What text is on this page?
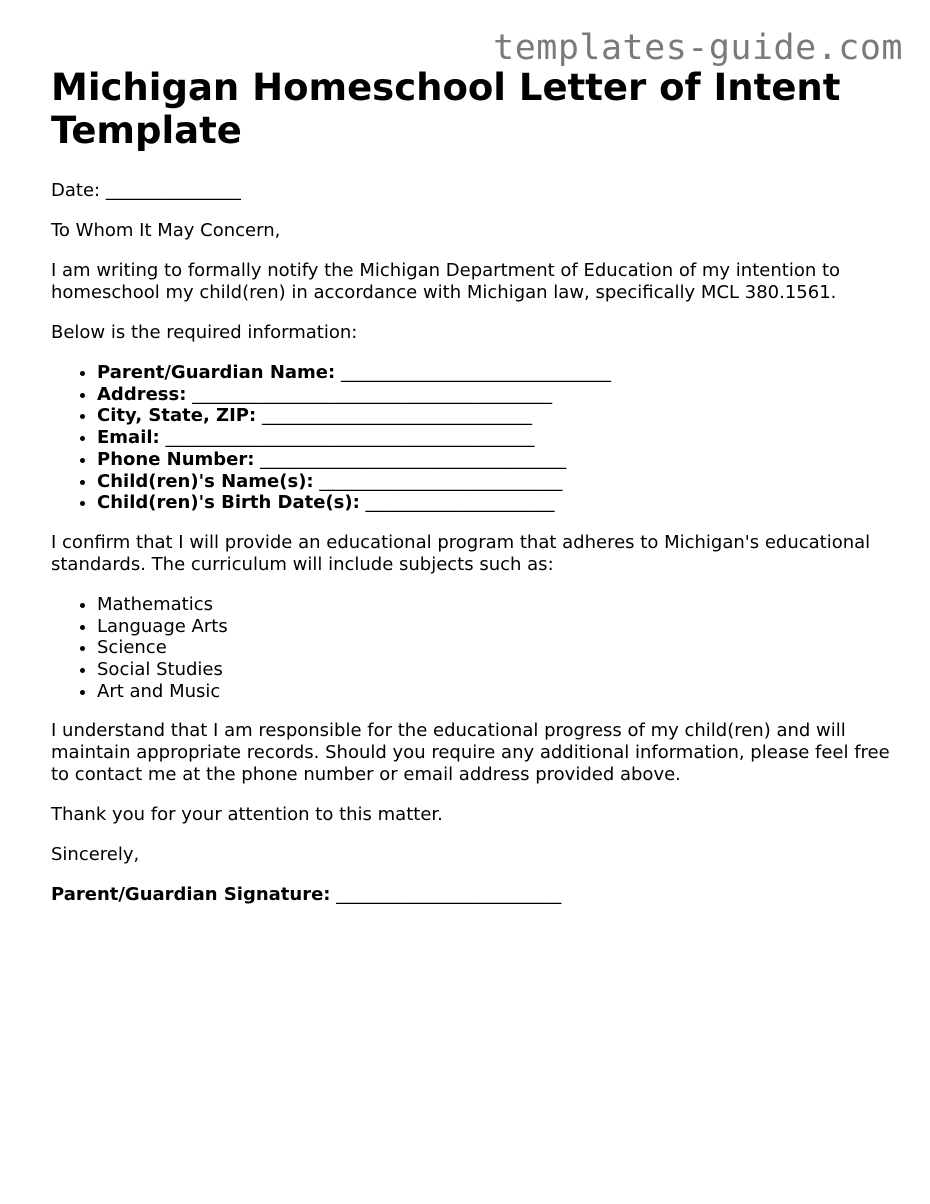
templates-guide.com
Michigan Homeschool Letter of Intent Template

Date: _______________

To Whom It May Concern,

I am writing to formally notify the Michigan Department of Education of my intention to homeschool my child(ren) in accordance with Michigan law, specifically MCL 380.1561.

Below is the required information:

• Parent/Guardian Name: ______________________________
• Address: ________________________________________
• City, State, ZIP: ______________________________
• Email: _________________________________________
• Phone Number: __________________________________
• Child(ren)'s Name(s): ___________________________
• Child(ren)'s Birth Date(s): _____________________

I confirm that I will provide an educational program that adheres to Michigan's educational standards. The curriculum will include subjects such as:

• Mathematics
• Language Arts
• Science
• Social Studies
• Art and Music

I understand that I am responsible for the educational progress of my child(ren) and will maintain appropriate records. Should you require any additional information, please feel free to contact me at the phone number or email address provided above.

Thank you for your attention to this matter.

Sincerely,

Parent/Guardian Signature: _________________________
